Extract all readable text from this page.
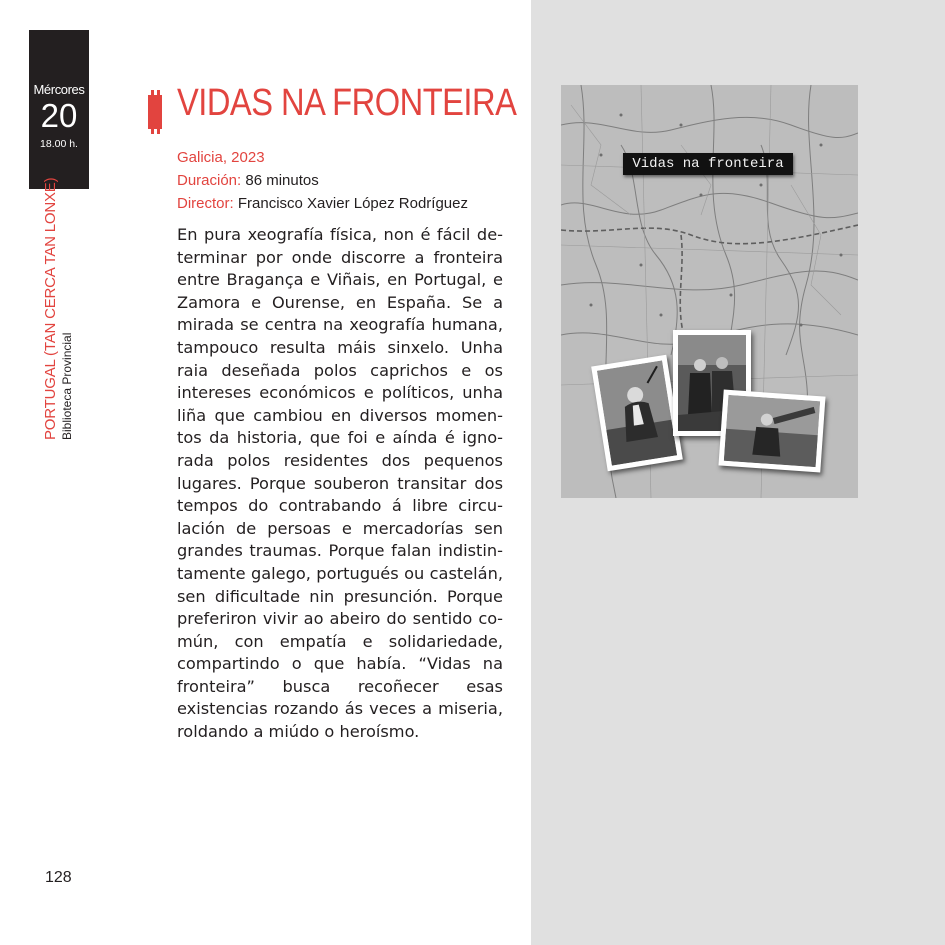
Mércores
20
18.00 h.
PORTUGAL (TAN CERCA TAN LONXE) Biblioteca Provincial
VIDAS NA FRONTEIRA
Galicia, 2023
Duración: 86 minutos
Director: Francisco Xavier López Rodríguez

En pura xeografía física, non é fácil determinar por onde discorre a fronteira entre Bragança e Viñais, en Portugal, e Zamora e Ourense, en España. Se a mirada se centra na xeografía humana, tampouco resulta máis sinxelo. Unha raia deseñada polos caprichos e os intereses económicos e políticos, unha liña que cambiou en diversos momentos da historia, que foi e aínda é ignorada polos residentes dos pequenos lugares. Porque souberon transitar dos tempos do contrabando á libre circulación de persoas e mercadorías sen grandes traumas. Porque falan indistintamente galego, portugués ou castelán, sen dificultade nin presunción. Porque preferiron vivir ao abeiro do sentido común, con empatía e solidariedade, compartindo o que había. “Vidas na fronteira” busca recoñecer esas existencias rozando ás veces a miseria, roldando a miúdo o heroísmo.

128
Vidas na fronteira
